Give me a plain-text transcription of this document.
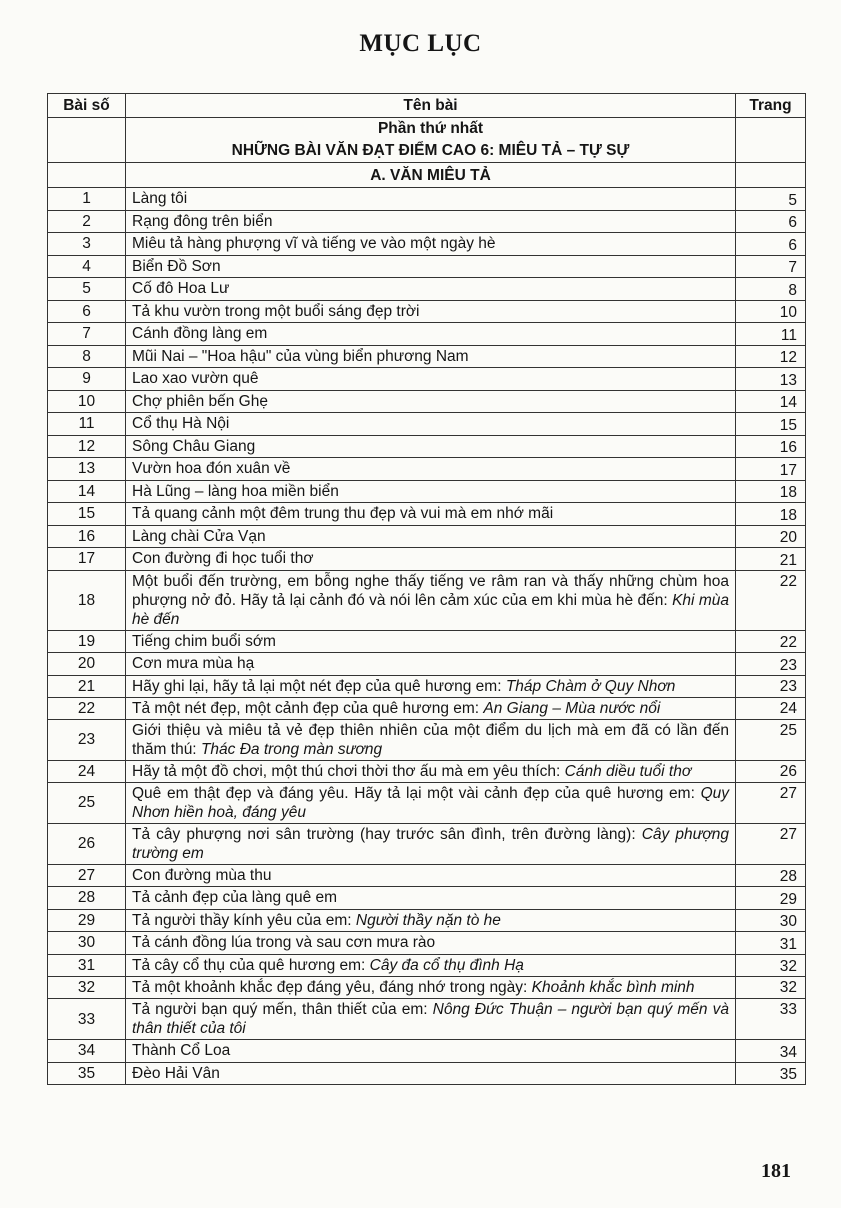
MỤC LỤC
Bài số	Tên bài	Trang

	Phần thứ nhất
NHỮNG BÀI VĂN ĐẠT ĐIỂM CAO 6: MIÊU TẢ – TỰ SỰ	

	A. VĂN MIÊU TẢ	
1	Làng tôi	5
2	Rạng đông trên biển	6
3	Miêu tả hàng phượng vĩ và tiếng ve vào một ngày hè	6
4	Biển Đồ Sơn	7
5	Cố đô Hoa Lư	8
6	Tả khu vườn trong một buổi sáng đẹp trời	10
7	Cánh đồng làng em	11
8	Mũi Nai – "Hoa hậu" của vùng biển phương Nam	12
9	Lao xao vườn quê	13
10	Chợ phiên bến Ghẹ	14
11	Cổ thụ Hà Nội	15
12	Sông Châu Giang	16
13	Vườn hoa đón xuân về	17
14	Hà Lũng – làng hoa miền biển	18
15	Tả quang cảnh một đêm trung thu đẹp và vui mà em nhớ mãi	18
16	Làng chài Cửa Vạn	20
17	Con đường đi học tuổi thơ	21
18	Một buổi đến trường, em bỗng nghe thấy tiếng ve râm ran và thấy những chùm hoa phượng nở đỏ. Hãy tả lại cảnh đó và nói lên cảm xúc của em khi mùa hè đến: Khi mùa hè đến	22
19	Tiếng chim buổi sớm	22
20	Cơn mưa mùa hạ	23
21	Hãy ghi lại, hãy tả lại một nét đẹp của quê hương em: Tháp Chàm ở Quy Nhơn	23
22	Tả một nét đẹp, một cảnh đẹp của quê hương em: An Giang – Mùa nước nổi	24
23	Giới thiệu và miêu tả vẻ đẹp thiên nhiên của một điểm du lịch mà em đã có lần đến thăm thú: Thác Đa trong màn sương	25
24	Hãy tả một đồ chơi, một thú chơi thời thơ ấu mà em yêu thích: Cánh diều tuổi thơ	26
25	Quê em thật đẹp và đáng yêu. Hãy tả lại một vài cảnh đẹp của quê hương em: Quy Nhơn hiền hoà, đáng yêu	27
26	Tả cây phượng nơi sân trường (hay trước sân đình, trên đường làng): Cây phượng trường em	27
27	Con đường mùa thu	28
28	Tả cảnh đẹp của làng quê em	29
29	Tả người thầy kính yêu của em: Người thầy nặn tò he	30
30	Tả cánh đồng lúa trong và sau cơn mưa rào	31
31	Tả cây cổ thụ của quê hương em: Cây đa cổ thụ đình Hạ	32
32	Tả một khoảnh khắc đẹp đáng yêu, đáng nhớ trong ngày: Khoảnh khắc bình minh	32
33	Tả người bạn quý mến, thân thiết của em: Nông Đức Thuận – người bạn quý mến và thân thiết của tôi	33
34	Thành Cổ Loa	34
35	Đèo Hải Vân	35
181
